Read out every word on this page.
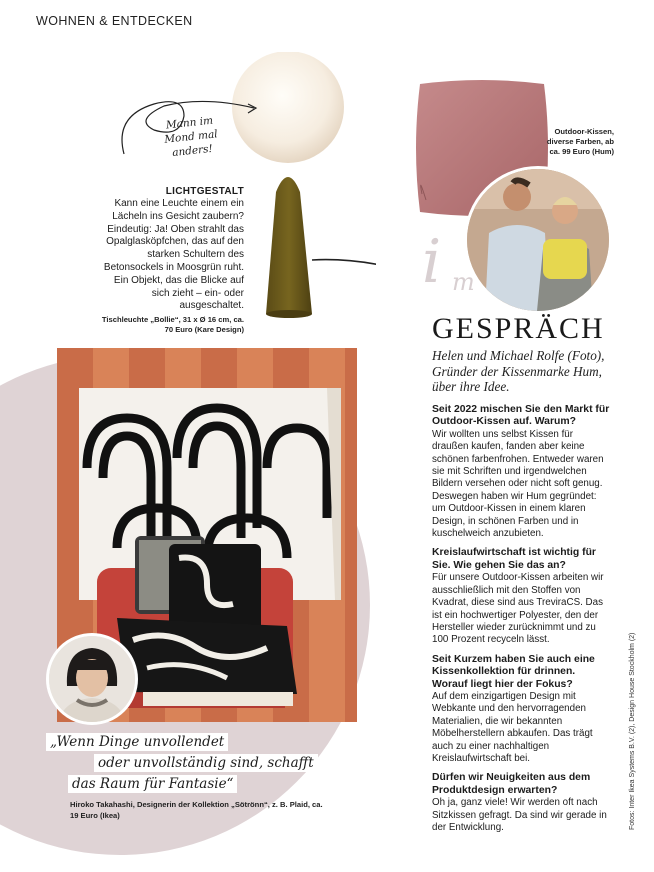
WOHNEN & ENTDECKEN
Mann im
Mond mal
anders!
LICHTGESTALT
Kann eine Leuchte einem ein Lächeln ins Gesicht zaubern? Eindeutig: Ja! Oben strahlt das Opalglasköpfchen, das auf den starken Schultern des Betonsockels in Moosgrün ruht. Ein Objekt, das die Blicke auf sich zieht – ein- oder ausgeschaltet.
Tischleuchte „Bollie“, 31 x Ø 16 cm, ca. 70 Euro (Kare Design)
Outdoor-Kissen, diverse Farben, ab ca. 99 Euro (Hum)
i m
GESPRÄCH
Helen und Michael Rolfe (Foto), Gründer der Kissenmarke Hum, über ihre Idee.
Seit 2022 mischen Sie den Markt für Outdoor-Kissen auf. Warum?
Wir wollten uns selbst Kissen für draußen kaufen, fanden aber keine schönen farbenfrohen. Entweder waren sie mit Schriften und irgendwelchen Bildern versehen oder nicht soft genug. Deswegen haben wir Hum gegründet: um Outdoor-Kissen in einem klaren Design, in schönen Farben und in kuschelweich anzubieten.
Kreislaufwirtschaft ist wichtig für Sie. Wie gehen Sie das an?
Für unsere Outdoor-Kissen arbeiten wir ausschließlich mit den Stoffen von Kvadrat, diese sind aus TreviraCS. Das ist ein hochwertiger Polyester, den der Hersteller wieder zurücknimmt und zu 100 Prozent recyceln lässt.
Seit Kurzem haben Sie auch eine Kissenkollektion für drinnen. Worauf liegt hier der Fokus?
Auf dem einzigartigen Design mit Webkante und den hervorragenden Materialien, die wir bekannten Möbelherstellern abkaufen. Das trägt auch zu einer nachhaltigen Kreislaufwirtschaft bei.
Dürfen wir Neuigkeiten aus dem Produktdesign erwarten?
Oh ja, ganz viele! Wir werden oft nach Sitzkissen gefragt. Da sind wir gerade in der Entwicklung.	Fotos: Inter Ikea Systems B.V. (2), Design House Stockholm (2)
„Wenn Dinge unvollendet
oder unvollständig sind, schafft
das Raum für Fantasie“
Hiroko Takahashi, Designerin der Kollektion „Sötrönn“, z. B. Plaid, ca. 19 Euro (Ikea)
